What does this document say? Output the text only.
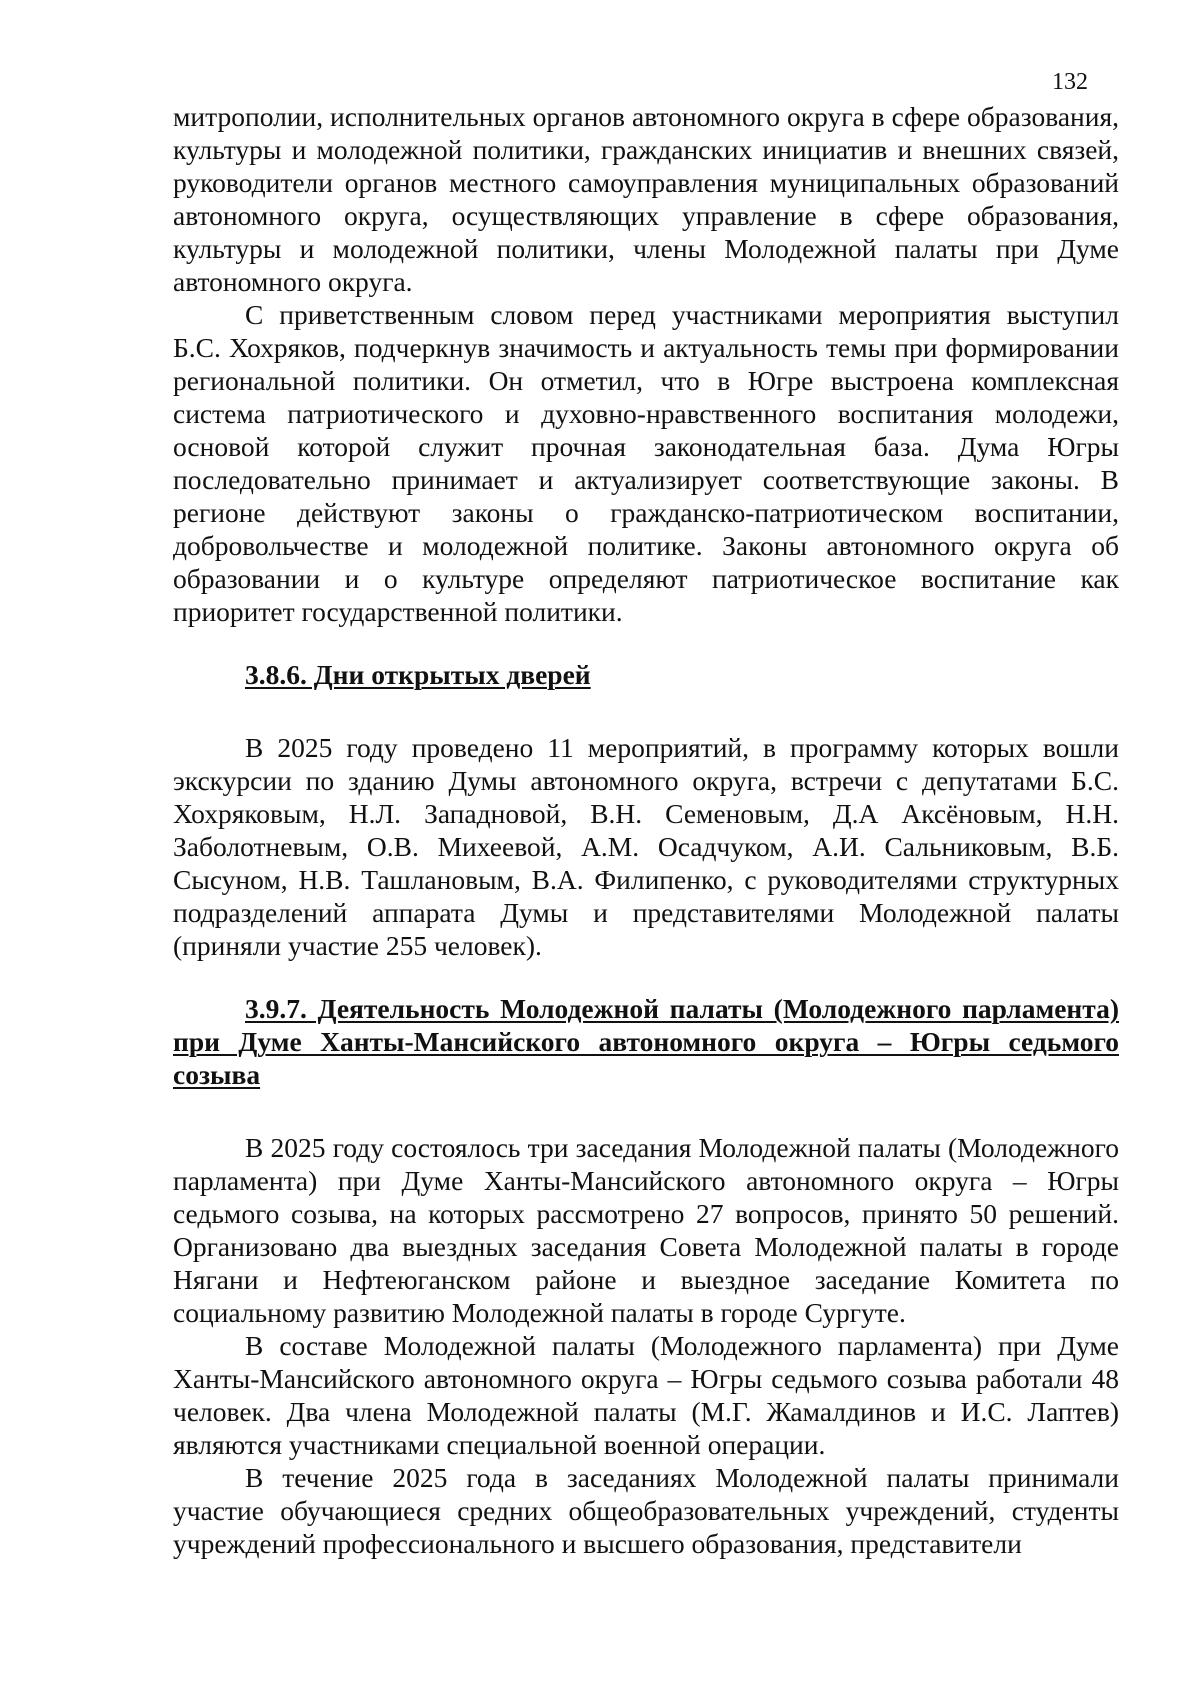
132

митрополии, исполнительных органов автономного округа в сфере образования, культуры и молодежной политики, гражданских инициатив и внешних связей, руководители органов местного самоуправления муниципальных образований автономного округа, осуществляющих управление в сфере образования, культуры и молодежной политики, члены Молодежной палаты при Думе автономного округа.

С приветственным словом перед участниками мероприятия выступил Б.С. Хохряков, подчеркнув значимость и актуальность темы при формировании региональной политики. Он отметил, что в Югре выстроена комплексная система патриотического и духовно-нравственного воспитания молодежи, основой которой служит прочная законодательная база. Дума Югры последовательно принимает и актуализирует соответствующие законы. В регионе действуют законы о гражданско-патриотическом воспитании, добровольчестве и молодежной политике. Законы автономного округа об образовании и о культуре определяют патриотическое воспитание как приоритет государственной политики.

3.8.6. Дни открытых дверей

В 2025 году проведено 11 мероприятий, в программу которых вошли экскурсии по зданию Думы автономного округа, встречи с депутатами Б.С. Хохряковым, Н.Л. Западновой, В.Н. Семеновым, Д.А Аксёновым, Н.Н. Заболотневым, О.В. Михеевой, А.М. Осадчуком, А.И. Сальниковым, В.Б. Сысуном, Н.В. Ташлановым, В.А. Филипенко, с руководителями структурных подразделений аппарата Думы и представителями Молодежной палаты (приняли участие 255 человек).

3.9.7. Деятельность Молодежной палаты (Молодежного парламента) при Думе Ханты-Мансийского автономного округа – Югры седьмого созыва

В 2025 году состоялось три заседания Молодежной палаты (Молодежного парламента) при Думе Ханты-Мансийского автономного округа – Югры седьмого созыва, на которых рассмотрено 27 вопросов, принято 50 решений. Организовано два выездных заседания Совета Молодежной палаты в городе Нягани и Нефтеюганском районе и выездное заседание Комитета по социальному развитию Молодежной палаты в городе Сургуте.

В составе Молодежной палаты (Молодежного парламента) при Думе Ханты-Мансийского автономного округа – Югры седьмого созыва работали 48 человек. Два члена Молодежной палаты (М.Г. Жамалдинов и И.С. Лаптев) являются участниками специальной военной операции.

В течение 2025 года в заседаниях Молодежной палаты принимали участие обучающиеся средних общеобразовательных учреждений, студенты учреждений профессионального и высшего образования, представители
